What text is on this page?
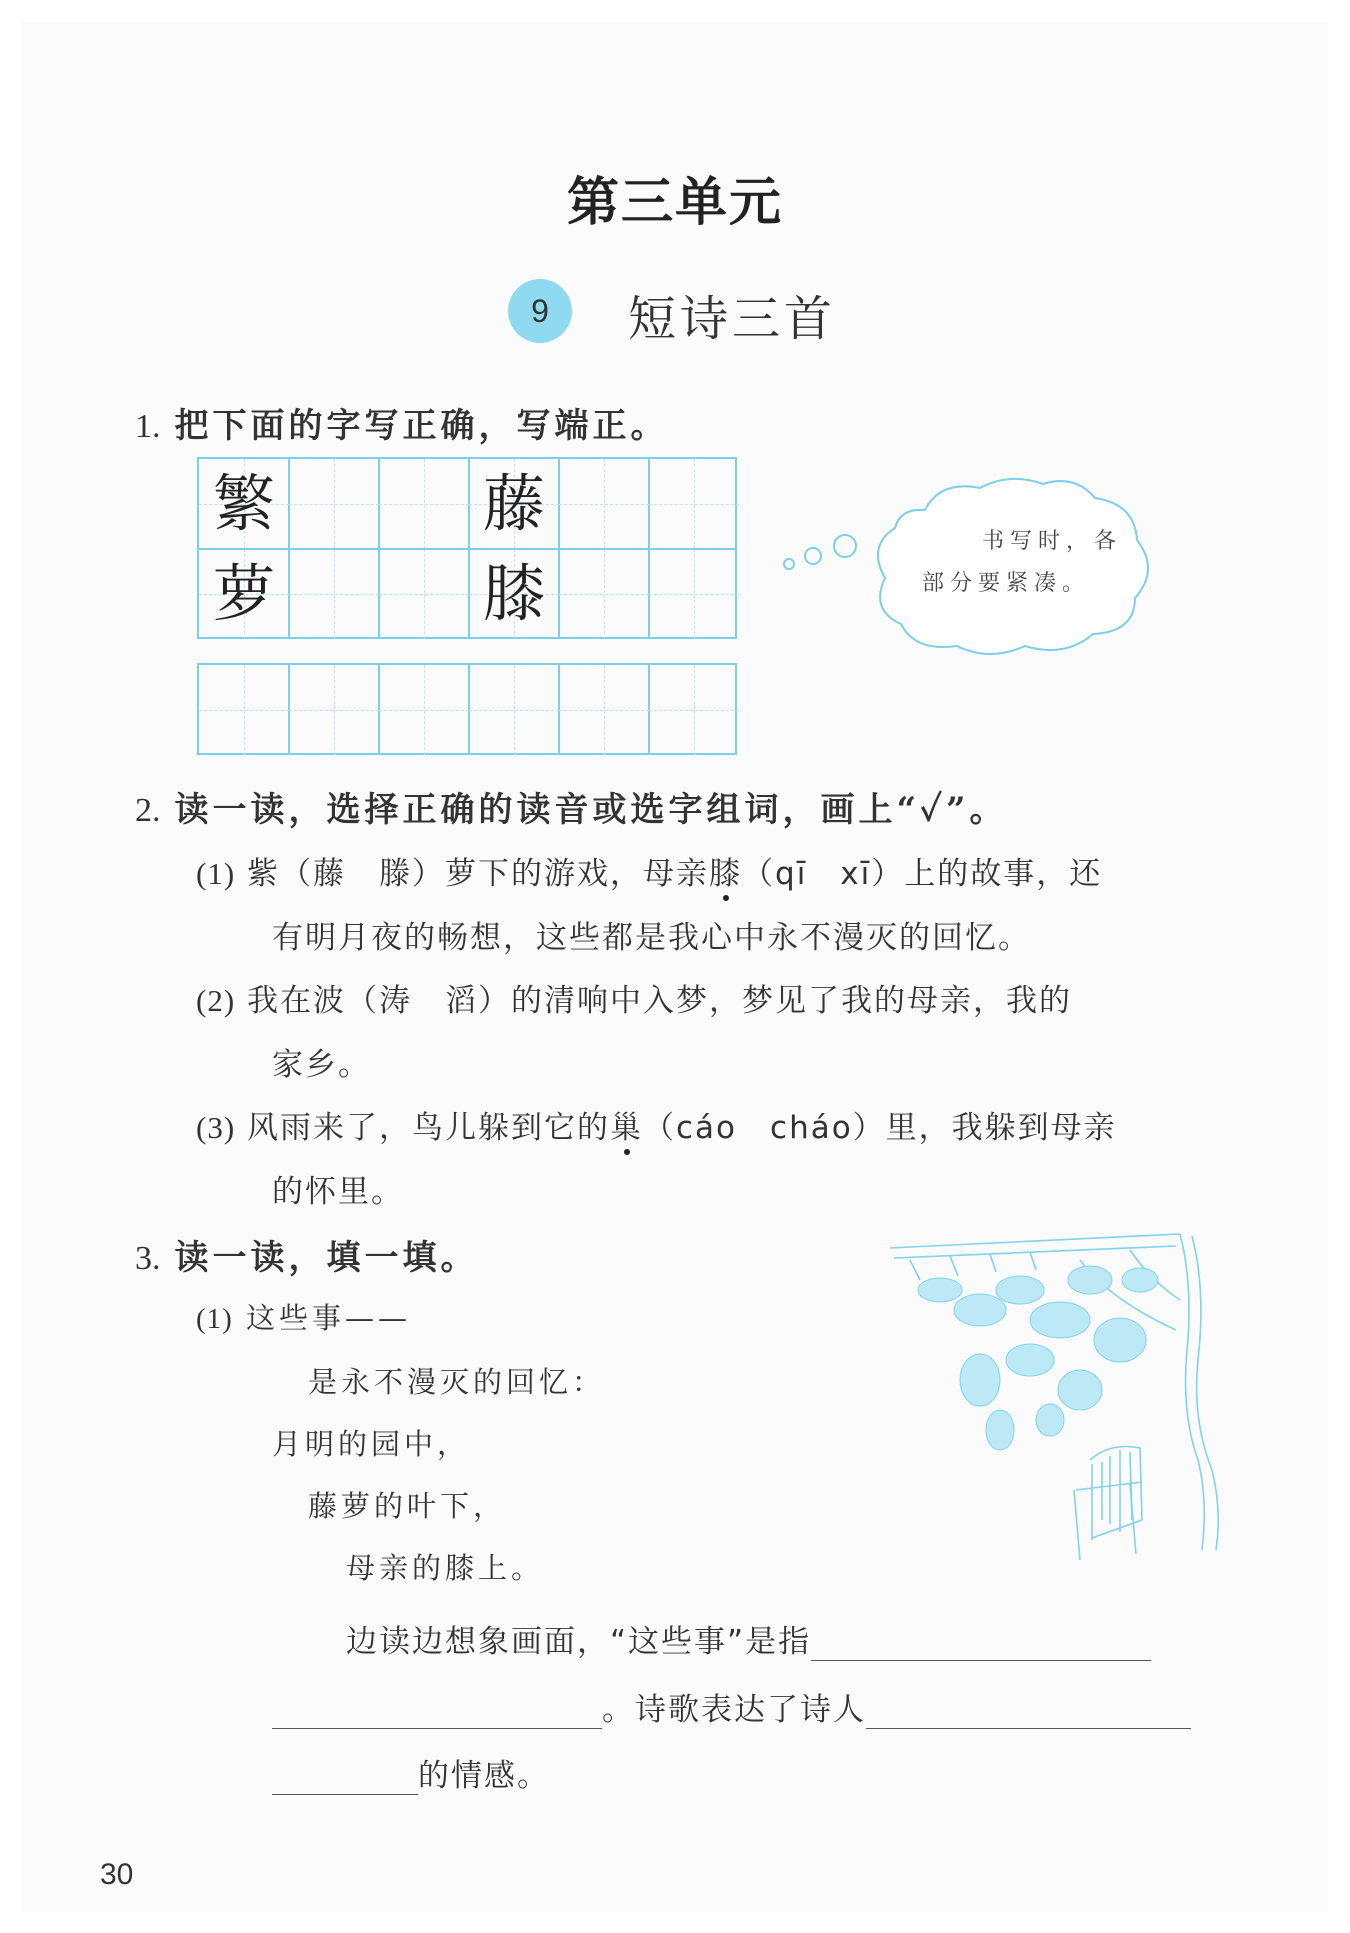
第三单元
9	短诗三首
1. 把下面的字写正确，写端正。
繁
萝
藤
膝
书写时，各
部分要紧凑。
2. 读一读，选择正确的读音或选字组词，画上“✓”。
(1) 紫（藤　滕）萝下的游戏，母亲膝（qī　xī）上的故事，还
有明月夜的畅想，这些都是我心中永不漫灭的回忆。
(2) 我在波（涛　滔）的清响中入梦，梦见了我的母亲，我的
家乡。
(3) 风雨来了，鸟儿躲到它的巢（cáo　cháo）里，我躲到母亲
的怀里。
3. 读一读，填一填。
(1) 这些事——
是永不漫灭的回忆：
月明的园中，
藤萝的叶下，
母亲的膝上。
边读边想象画面，“这些事”是指
。诗歌表达了诗人
的情感。
30
